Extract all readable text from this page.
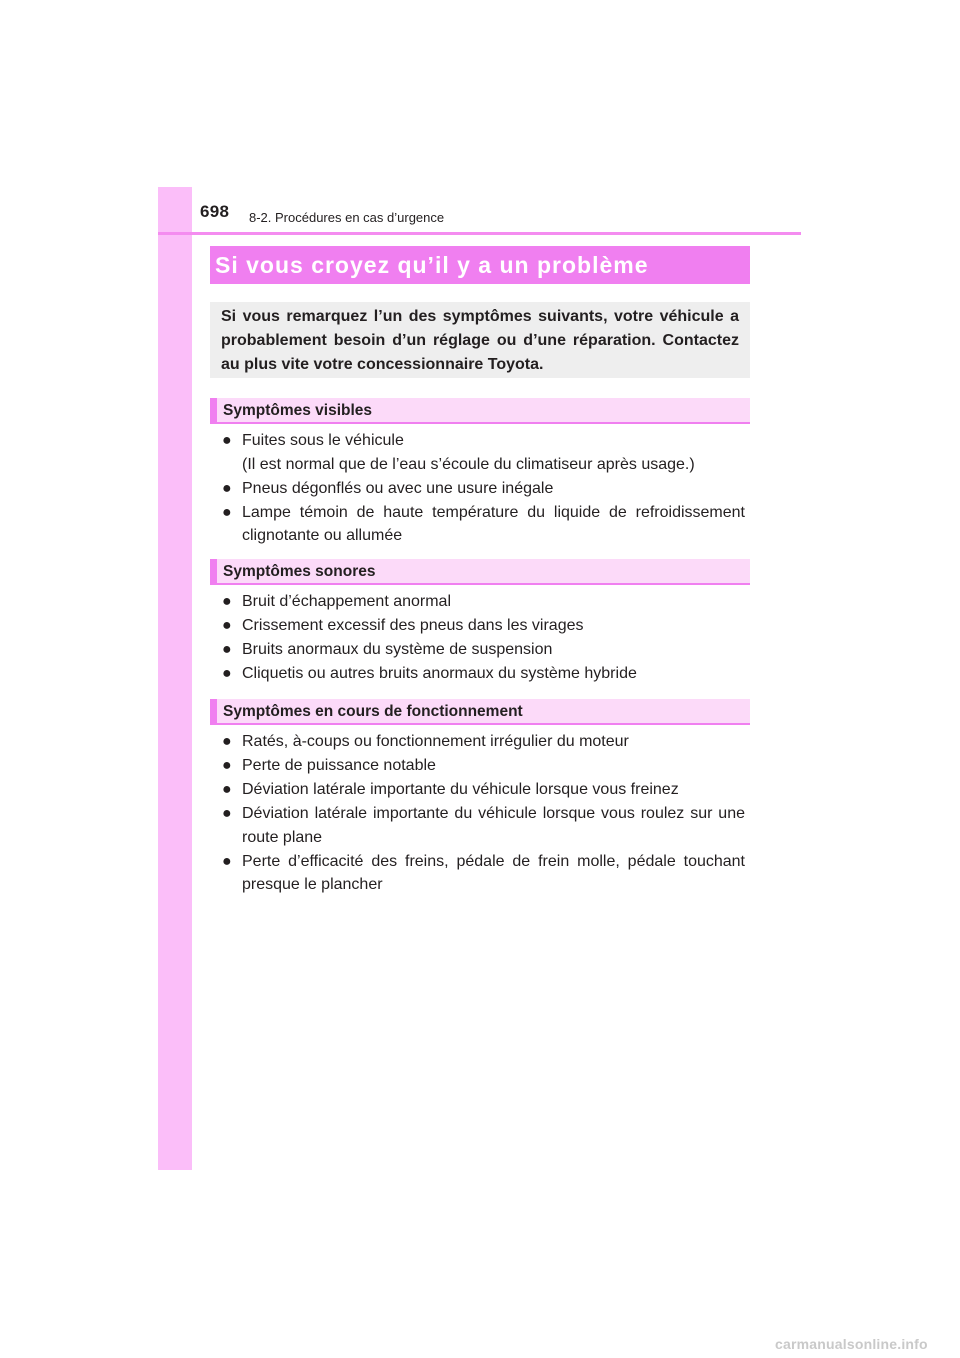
698 8-2. Procédures en cas d’urgence
Si vous croyez qu’il y a un problème
Si vous remarquez l’un des symptômes suivants, votre véhicule a probablement besoin d’un réglage ou d’une réparation. Contactez au plus vite votre concessionnaire Toyota.
Symptômes visibles
● Fuites sous le véhicule
(Il est normal que de l’eau s’écoule du climatiseur après usage.)
● Pneus dégonflés ou avec une usure inégale
● Lampe témoin de haute température du liquide de refroidissement clignotante ou allumée
Symptômes sonores
● Bruit d’échappement anormal
● Crissement excessif des pneus dans les virages
● Bruits anormaux du système de suspension
● Cliquetis ou autres bruits anormaux du système hybride
Symptômes en cours de fonctionnement
● Ratés, à-coups ou fonctionnement irrégulier du moteur
● Perte de puissance notable
● Déviation latérale importante du véhicule lorsque vous freinez
● Déviation latérale importante du véhicule lorsque vous roulez sur une route plane
● Perte d’efficacité des freins, pédale de frein molle, pédale touchant presque le plancher
carmanualsonline.info
